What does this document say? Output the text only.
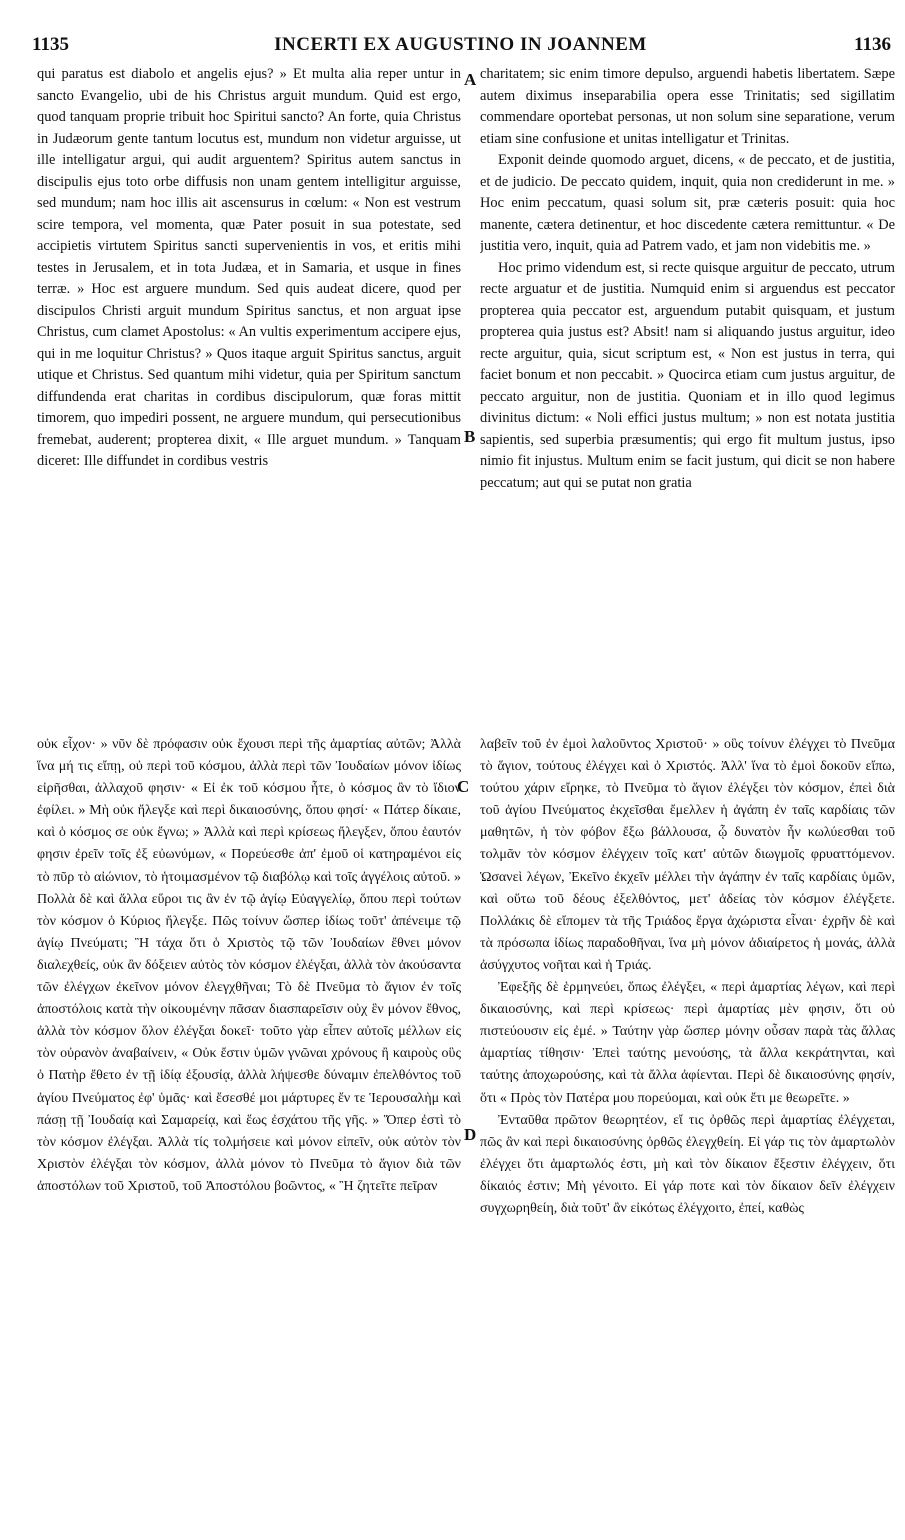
1135	INCERTI EX AUGUSTINO IN JOANNEM	1136

qui paratus est diabolo et angelis ejus? » Et multa alia reper untur in sancto Evangelio, ubi de his Christus arguit mundum. Quid est ergo, quod tanquam proprie tribuit hoc Spiritui sancto? An forte, quia Christus in Judæorum gente tantum locutus est, mundum non videtur arguisse, ut ille intelligatur argui, qui audit arguentem? Spiritus autem sanctus in discipulis ejus toto orbe diffusis non unam gentem intelligitur arguisse, sed mundum; nam hoc illis ait ascensurus in cœlum: « Non est vestrum scire tempora, vel momenta, quæ Pater posuit in sua potestate, sed accipietis virtutem Spiritus sancti supervenientis in vos, et eritis mihi testes in Jerusalem, et in tota Judæa, et in Samaria, et usque in fines terræ. » Hoc est arguere mundum. Sed quis audeat dicere, quod per discipulos Christi arguit mundum Spiritus sanctus, et non arguat ipse Christus, cum clamet Apostolus: « An vultis experimentum accipere ejus, qui in me loquitur Christus? » Quos itaque arguit Spiritus sanctus, arguit utique et Christus. Sed quantum mihi videtur, quia per Spiritum sanctum diffundenda erat charitas in cordibus discipulorum, quæ foras mittit timorem, quo impediri possent, ne arguere mundum, qui persecutionibus fremebat, auderent; propterea dixit, « Ille arguet mundum. » Tanquam diceret: Ille diffundet in cordibus vestris

charitatem; sic enim timore depulso, arguendi habetis libertatem. Sæpe autem diximus inseparabilia opera esse Trinitatis; sed sigillatim commendare oportebat personas, ut non solum sine separatione, verum etiam sine confusione et unitas intelligatur et Trinitas.

Exponit deinde quomodo arguet, dicens, « de peccato, et de justitia, et de judicio. De peccato quidem, inquit, quia non crediderunt in me. » Hoc enim peccatum, quasi solum sit, præ cæteris posuit: quia hoc manente, cætera detinentur, et hoc discedente cætera remittuntur. « De justitia vero, inquit, quia ad Patrem vado, et jam non videbitis me. »

Hoc primo videndum est, si recte quisque arguitur de peccato, utrum recte arguatur et de justitia. Numquid enim si arguendus est peccator propterea quia peccator est, arguendum putabit quisquam, et justum propterea quia justus est? Absit! nam si aliquando justus arguitur, ideo recte arguitur, quia, sicut scriptum est, « Non est justus in terra, qui faciet bonum et non peccabit. » Quocirca etiam cum justus arguitur, de peccato arguitur, non de justitia. Quoniam et in illo quod legimus divinitus dictum: « Noli effici justus multum; » non est notata justitia sapientis, sed superbia præsumentis; qui ergo fit multum justus, ipso nimio fit injustus. Multum enim se facit justum, qui dicit se non habere peccatum; aut qui se putat non gratia

οὐκ εἶχον· » νῦν δὲ πρόφασιν οὐκ ἔχουσι περὶ τῆς ἁμαρτίας αὐτῶν; Ἀλλὰ ἵνα μή τις εἴπῃ, οὐ περὶ τοῦ κόσμου, ἀλλὰ περὶ τῶν Ἰουδαίων μόνον ἰδίως εἰρῆσθαι, ἀλλαχοῦ φησιν· « Εἰ ἐκ τοῦ κόσμου ἦτε, ὁ κόσμος ἂν τὸ ἴδιον ἐφίλει. » Μὴ οὐκ ἤλεγξε καὶ περὶ δικαιοσύνης, ὅπου φησί· « Πάτερ δίκαιε, καὶ ὁ κόσμος σε οὐκ ἔγνω; » Ἀλλὰ καὶ περὶ κρίσεως ἤλεγξεν, ὅπου ἑαυτόν φησιν ἐρεῖν τοῖς ἐξ εὐωνύμων, « Πορεύεσθε ἀπ' ἐμοῦ οἱ κατηραμένοι εἰς τὸ πῦρ τὸ αἰώνιον, τὸ ἡτοιμασμένον τῷ διαβόλῳ καὶ τοῖς ἀγγέλοις αὐτοῦ. » Πολλὰ δὲ καὶ ἄλλα εὕροι τις ἂν ἐν τῷ ἁγίῳ Εὐαγγελίῳ, ὅπου περὶ τούτων τὸν κόσμον ὁ Κύριος ἤλεγξε. Πῶς τοίνυν ὥσπερ ἰδίως τοῦτ' ἀπένειμε τῷ ἁγίῳ Πνεύματι; Ἢ τάχα ὅτι ὁ Χριστὸς τῷ τῶν Ἰουδαίων ἔθνει μόνον διαλεχθείς, οὐκ ἂν δόξειεν αὐτὸς τὸν κόσμον ἐλέγξαι, ἀλλὰ τὸν ἀκούσαντα τῶν ἐλέγχων ἐκεῖνον μόνον ἐλεγχθῆναι; Τὸ δὲ Πνεῦμα τὸ ἅγιον ἐν τοῖς ἀποστόλοις κατὰ τὴν οἰκουμένην πᾶσαν διασπαρεῖσιν οὐχ ἓν μόνον ἔθνος, ἀλλὰ τὸν κόσμον ὅλον ἐλέγξαι δοκεῖ· τοῦτο γὰρ εἶπεν αὐτοῖς μέλλων εἰς τὸν οὐρανὸν ἀναβαίνειν, « Οὐκ ἔστιν ὑμῶν γνῶναι χρόνους ἢ καιροὺς οὓς ὁ Πατὴρ ἔθετο ἐν τῇ ἰδίᾳ ἐξουσίᾳ, ἀλλὰ λήψεσθε δύναμιν ἐπελθόντος τοῦ ἁγίου Πνεύματος ἐφ' ὑμᾶς· καὶ ἔσεσθέ μοι μάρτυρες ἔν τε Ἱερουσαλὴμ καὶ πάσῃ τῇ Ἰουδαίᾳ καὶ Σαμαρείᾳ, καὶ ἕως ἐσχάτου τῆς γῆς. » Ὅπερ ἐστὶ τὸ τὸν κόσμον ἐλέγξαι. Ἀλλὰ τίς τολμήσειε καὶ μόνον εἰπεῖν, οὐκ αὐτὸν τὸν Χριστὸν ἐλέγξαι τὸν κόσμον, ἀλλὰ μόνον τὸ Πνεῦμα τὸ ἅγιον διὰ τῶν ἀποστόλων τοῦ Χριστοῦ, τοῦ Ἀποστόλου βοῶντος, « Ἢ ζητεῖτε πεῖραν

λαβεῖν τοῦ ἐν ἐμοὶ λαλοῦντος Χριστοῦ· » οὓς τοίνυν ἐλέγχει τὸ Πνεῦμα τὸ ἅγιον, τούτους ἐλέγχει καὶ ὁ Χριστός. Ἀλλ' ἵνα τὸ ἐμοὶ δοκοῦν εἴπω, τούτου χάριν εἴρηκε, τὸ Πνεῦμα τὸ ἅγιον ἐλέγξει τὸν κόσμον, ἐπεὶ διὰ τοῦ ἁγίου Πνεύματος ἐκχεῖσθαι ἔμελλεν ἡ ἀγάπη ἐν ταῖς καρδίαις τῶν μαθητῶν, ἡ τὸν φόβον ἔξω βάλλουσα, ᾧ δυνατὸν ἦν κωλύεσθαι τοῦ τολμᾶν τὸν κόσμον ἐλέγχειν τοῖς κατ' αὐτῶν διωγμοῖς φρυαττόμενον. Ὡσανεὶ λέγων, Ἐκεῖνο ἐκχεῖν μέλλει τὴν ἀγάπην ἐν ταῖς καρδίαις ὑμῶν, καὶ οὕτω τοῦ δέους ἐξελθόντος, μετ' ἀδείας τὸν κόσμον ἐλέγξετε. Πολλάκις δὲ εἴπομεν τὰ τῆς Τριάδος ἔργα ἀχώριστα εἶναι· ἐχρῆν δὲ καὶ τὰ πρόσωπα ἰδίως παραδοθῆναι, ἵνα μὴ μόνον ἀδιαίρετος ἡ μονάς, ἀλλὰ ἀσύγχυτος νοῆται καὶ ἡ Τριάς.

Ἐφεξῆς δὲ ἑρμηνεύει, ὅπως ἐλέγξει, « περὶ ἁμαρτίας λέγων, καὶ περὶ δικαιοσύνης, καὶ περὶ κρίσεως· περὶ ἁμαρτίας μὲν φησιν, ὅτι οὐ πιστεύουσιν εἰς ἐμέ. » Ταύτην γὰρ ὥσπερ μόνην οὖσαν παρὰ τὰς ἄλλας ἁμαρτίας τίθησιν· Ἐπεὶ ταύτης μενούσης, τὰ ἄλλα κεκράτηνται, καὶ ταύτης ἀποχωρούσης, καὶ τὰ ἄλλα ἀφίενται. Περὶ δὲ δικαιοσύνης φησίν, ὅτι « Πρὸς τὸν Πατέρα μου πορεύομαι, καὶ οὐκ ἔτι με θεωρεῖτε. »

Ἐνταῦθα πρῶτον θεωρητέον, εἴ τις ὀρθῶς περὶ ἁμαρτίας ἐλέγχεται, πῶς ἂν καὶ περὶ δικαιοσύνης ὀρθῶς ἐλεγχθείη. Εἰ γάρ τις τὸν ἁμαρτωλὸν ἐλέγχει ὅτι ἁμαρτωλός ἐστι, μὴ καὶ τὸν δίκαιον ἔξεστιν ἐλέγχειν, ὅτι δίκαιός ἐστιν; Μὴ γένοιτο. Εἰ γάρ ποτε καὶ τὸν δίκαιον δεῖν ἐλέγχειν συγχωρηθείη, διὰ τοῦτ' ἂν εἰκότως ἐλέγχοιτο, ἐπεί, καθὼς

A
B
C
D
